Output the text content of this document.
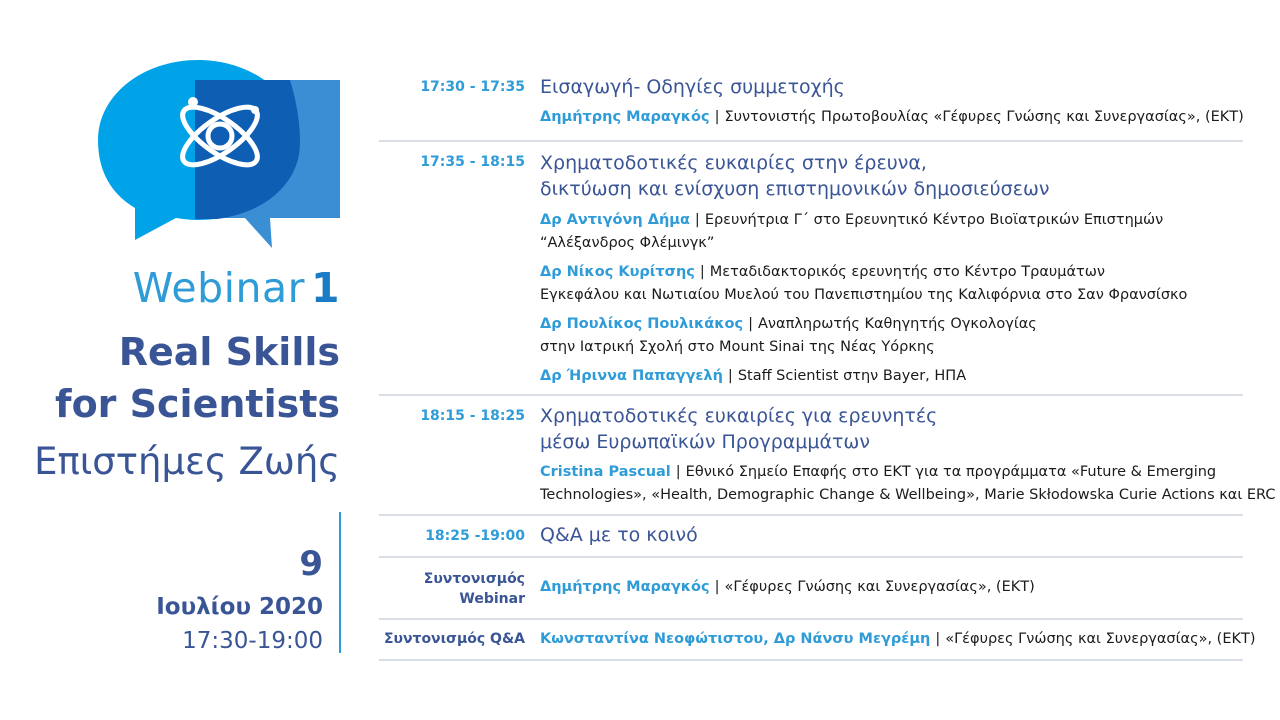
Webinar 1
Real Skills
for Scientists
Επιστήμες Ζωής
9
Ιουλίου 2020
17:30-19:00
17:30 - 17:35 Εισαγωγή- Οδηγίες συμμετοχής
Δημήτρης Μαραγκός | Συντονιστής Πρωτοβουλίας «Γέφυρες Γνώσης και Συνεργασίας», (ΕΚΤ)
17:35 - 18:15 Χρηματοδοτικές ευκαιρίες στην έρευνα,
δικτύωση και ενίσχυση επιστημονικών δημοσιεύσεων
Δρ Αντιγόνη Δήμα | Ερευνήτρια Γ΄ στο Ερευνητικό Κέντρο Βιοϊατρικών Επιστημών
“Αλέξανδρος Φλέμινγκ”
Δρ Νίκος Κυρίτσης | Μεταδιδακτορικός ερευνητής στο Κέντρο Τραυμάτων
Εγκεφάλου και Νωτιαίου Μυελού του Πανεπιστημίου της Καλιφόρνια στο Σαν Φρανσίσκο
Δρ Πουλίκος Πουλικάκος | Αναπληρωτής Καθηγητής Ογκολογίας
στην Ιατρική Σχολή στο Mount Sinai της Νέας Υόρκης
Δρ Ήριννα Παπαγγελή | Staff Scientist στην Bayer, ΗΠΑ
18:15 - 18:25 Χρηματοδοτικές ευκαιρίες για ερευνητές
μέσω Ευρωπαϊκών Προγραμμάτων
Cristina Pascual | Εθνικό Σημείο Επαφής στο ΕΚΤ για τα προγράμματα «Future & Emerging
Technologies», «Health, Demographic Change & Wellbeing», Marie Skłodowska Curie Actions και ERC
18:25 -19:00 Q&A με το κοινό
Συντονισμός
Webinar
Δημήτρης Μαραγκός | «Γέφυρες Γνώσης και Συνεργασίας», (ΕΚΤ)
Συντονισμός Q&A Κωνσταντίνα Νεοφώτιστου, Δρ Νάνσυ Μεγρέμη | «Γέφυρες Γνώσης και Συνεργασίας», (ΕΚΤ)
